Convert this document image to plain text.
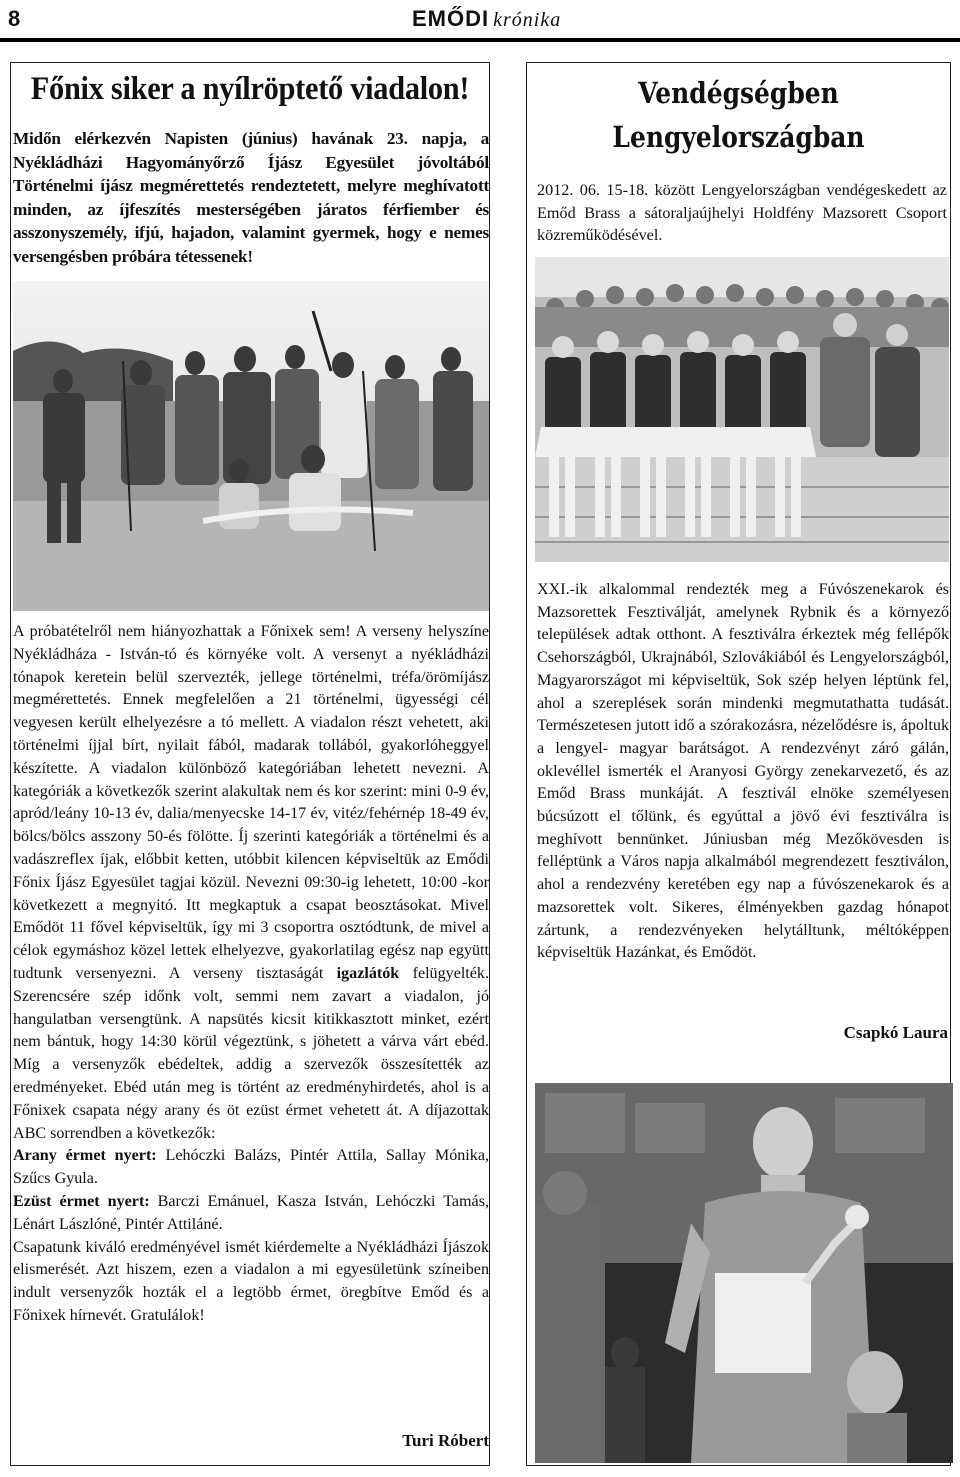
8	EMŐDI krónika
Főnix siker a nyílröptető viadalon!
Midőn elérkezvén Napisten (június) havának 23. napja, a Nyékládházi Hagyományőrző Íjász Egyesület jóvoltából Történelmi íjász megmérettetés rendeztetett, melyre meghívatott minden, az íjfeszítés mesterségében járatos férfiember és asszonyszemély, ifjú, hajadon, valamint gyermek, hogy e nemes versengésben próbára tétessenek!

A próbatételről nem hiányozhattak a Főnixek sem! A verseny helyszíne Nyékládháza - István-tó és környéke volt. A versenyt a nyékládházi tónapok keretein belül szervezték, jellege történelmi, tréfa/örömíjász megmérettetés. Ennek megfelelően a 21 történelmi, ügyességi cél vegyesen került elhelyezésre a tó mellett. A viadalon részt vehetett, aki történelmi íjjal bírt, nyilait fából, madarak tollából, gyakorlóheggyel készítette. A viadalon különböző kategóriában lehetett nevezni. A kategóriák a következők szerint alakultak nem és kor szerint: mini 0-9 év, apród/leány 10-13 év, dalia/menyecske 14-17 év, vitéz/fehérnép 18-49 év, bölcs/bölcs asszony 50-és fölötte. Íj szerinti kategóriák a történelmi és a vadászreflex íjak, előbbit ketten, utóbbit kilencen képviseltük az Emődi Főnix Íjász Egyesület tagjai közül. Nevezni 09:30-ig lehetett, 10:00 -kor következett a megnyitó. Itt megkaptuk a csapat beosztásokat. Mivel Emődöt 11 fővel képviseltük, így mi 3 csoportra osztódtunk, de mivel a célok egymáshoz közel lettek elhelyezve, gyakorlatilag egész nap együtt tudtunk versenyezni. A verseny tisztaságát igazlátók felügyelték. Szerencsére szép időnk volt, semmi nem zavart a viadalon, jó hangulatban versengtünk. A napsütés kicsit kitikkasztott minket, ezért nem bántuk, hogy 14:30 körül végeztünk, s jöhetett a várva várt ebéd. Míg a versenyzők ebédeltek, addig a szervezők összesítették az eredményeket. Ebéd után meg is történt az eredményhirdetés, ahol is a Főnixek csapata négy arany és öt ezüst érmet vehetett át. A díjazottak ABC sorrendben a következők:

Arany érmet nyert: Lehóczki Balázs, Pintér Attila, Sallay Mónika, Szűcs Gyula.

Ezüst érmet nyert: Barczi Emánuel, Kasza István, Lehóczki Tamás, Lénárt Lászlóné, Pintér Attiláné.

Csapatunk kiváló eredményével ismét kiérdemelte a Nyékládházi Íjászok elismerését. Azt hiszem, ezen a viadalon a mi egyesületünk színeiben indult versenyzők hozták el a legtöbb érmet, öregbítve Emőd és a Főnixek hírnevét. Gratulálok!

Turi Róbert
Vendégségben
Lengyelországban
2012. 06. 15-18. között Lengyelországban vendégeskedett az Emőd Brass a sátoraljaújhelyi Holdfény Mazsorett Csoport közreműködésével.
XXI.-ik alkalommal rendezték meg a Fúvószenekarok és Mazsorettek Fesztiválját, amelynek Rybnik és a környező települések adtak otthont. A fesztiválra érkeztek még fellépők Csehországból, Ukrajnából, Szlovákiából és Lengyelországból, Magyarországot mi képviseltük, Sok szép helyen léptünk fel, ahol a szereplések során mindenki megmutathatta tudását. Természetesen jutott idő a szórakozásra, nézelődésre is, ápoltuk a lengyel- magyar barátságot. A rendezvényt záró gálán, oklevéllel ismerték el Aranyosi György zenekarvezető, és az Emőd Brass munkáját. A fesztivál elnöke személyesen búcsúzott el tőlünk, és egyúttal a jövő évi fesztiválra is meghívott bennünket. Júniusban még Mezőkövesden is felléptünk a Város napja alkalmából megrendezett fesztiválon, ahol a rendezvény keretében egy nap a fúvószenekarok és a mazsorettek volt. Sikeres, élményekben gazdag hónapot zártunk, a rendezvényeken helytálltunk, méltóképpen képviseltük Hazánkat, és Emődöt.
Csapkó Laura
